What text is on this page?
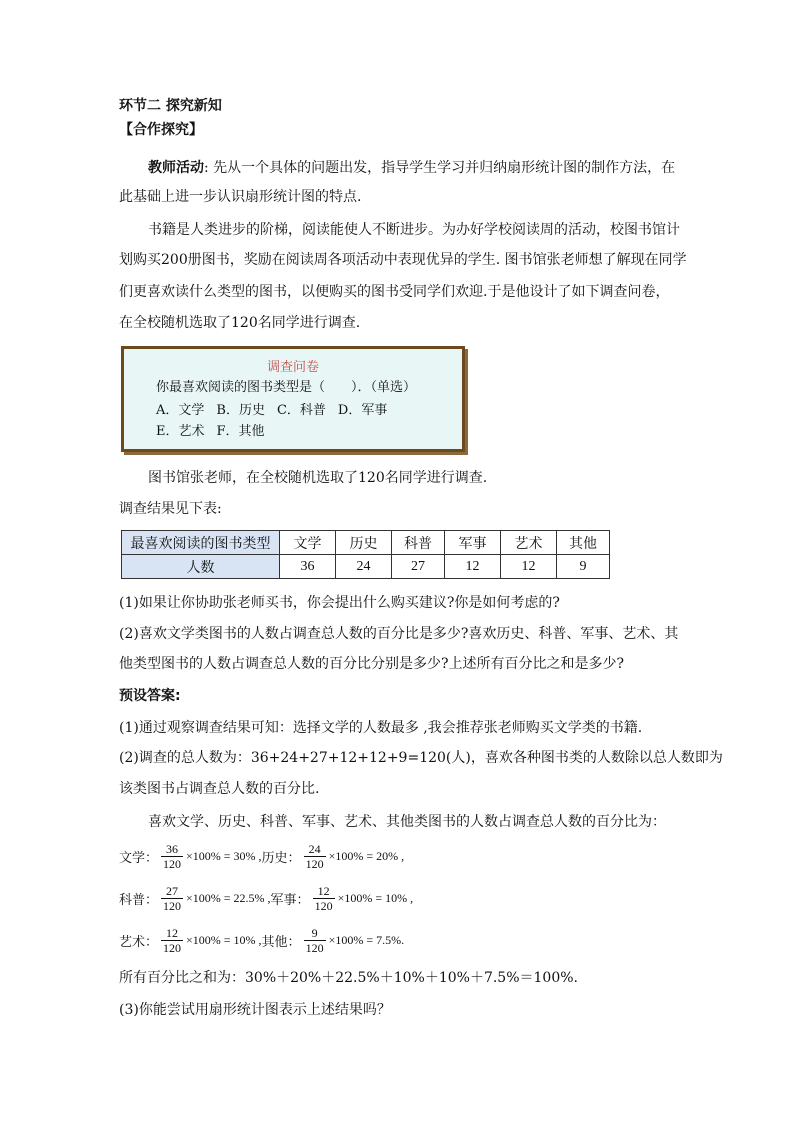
环节二 探究新知
【合作探究】
教师活动: 先从一个具体的问题出发，指导学生学习并归纳扇形统计图的制作方法，在
此基础上进一步认识扇形统计图的特点.
书籍是人类进步的阶梯，阅读能使人不断进步。为办好学校阅读周的活动，校图书馆计
划购买200册图书，奖励在阅读周各项活动中表现优异的学生. 图书馆张老师想了解现在同学
们更喜欢读什么类型的图书，以便购买的图书受同学们欢迎.于是他设计了如下调查问卷，
在全校随机选取了120名同学进行调查.
调查问卷
你最喜欢阅读的图书类型是（　　）．（单选）
A．文学 B．历史 C．科普 D．军事
E．艺术 F．其他
图书馆张老师，在全校随机选取了120名同学进行调查.
调查结果见下表:
最喜欢阅读的图书类型	文学	历史	科普	军事	艺术	其他
人数	36	24	27	12	12	9
(1)如果让你协助张老师买书，你会提出什么购买建议?你是如何考虑的?
(2)喜欢文学类图书的人数占调查总人数的百分比是多少?喜欢历史、科普、军事、艺术、其
他类型图书的人数占调查总人数的百分比分别是多少?上述所有百分比之和是多少?
预设答案:
(1)通过观察调查结果可知：选择文学的人数最多 ,我会推荐张老师购买文学类的书籍.
(2)调查的总人数为：36+24+27+12+12+9=120(人)，喜欢各种图书类的人数除以总人数即为
该类图书占调查总人数的百分比.
喜欢文学、历史、科普、军事、艺术、其他类图书的人数占调查总人数的百分比为：
文学： $\frac{36}{120} \times 100\% = 30\%$ , 历史： $\frac{24}{120} \times 100\% = 20\%$ ,
科普： $\frac{27}{120} \times 100\% = 22.5\%$ , 军事： $\frac{12}{120} \times 100\% = 10\%$ ,
艺术： $\frac{12}{120} \times 100\% = 10\%$ , 其他： $\frac{9}{120} \times 100\% = 7.5\%$.
所有百分比之和为：30%＋20%＋22.5%＋10%＋10%＋7.5%＝100%.
(3)你能尝试用扇形统计图表示上述结果吗？
